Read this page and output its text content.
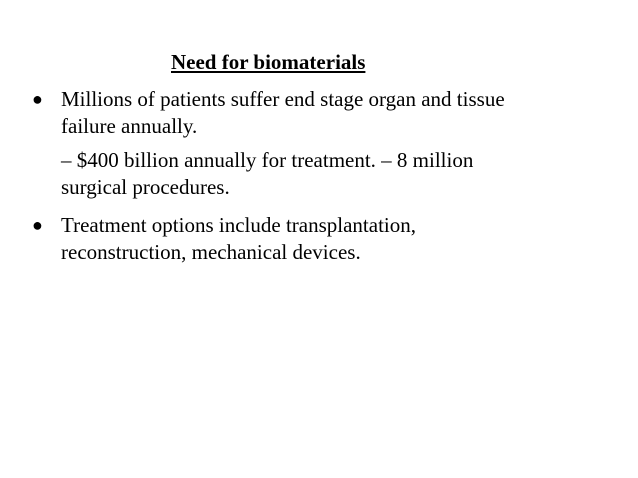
Need for biomaterials
● Millions of patients suffer end stage organ and tissue
failure annually.
– $400 billion annually for treatment. – 8 million
surgical procedures.
● Treatment options include transplantation,
reconstruction, mechanical devices.
